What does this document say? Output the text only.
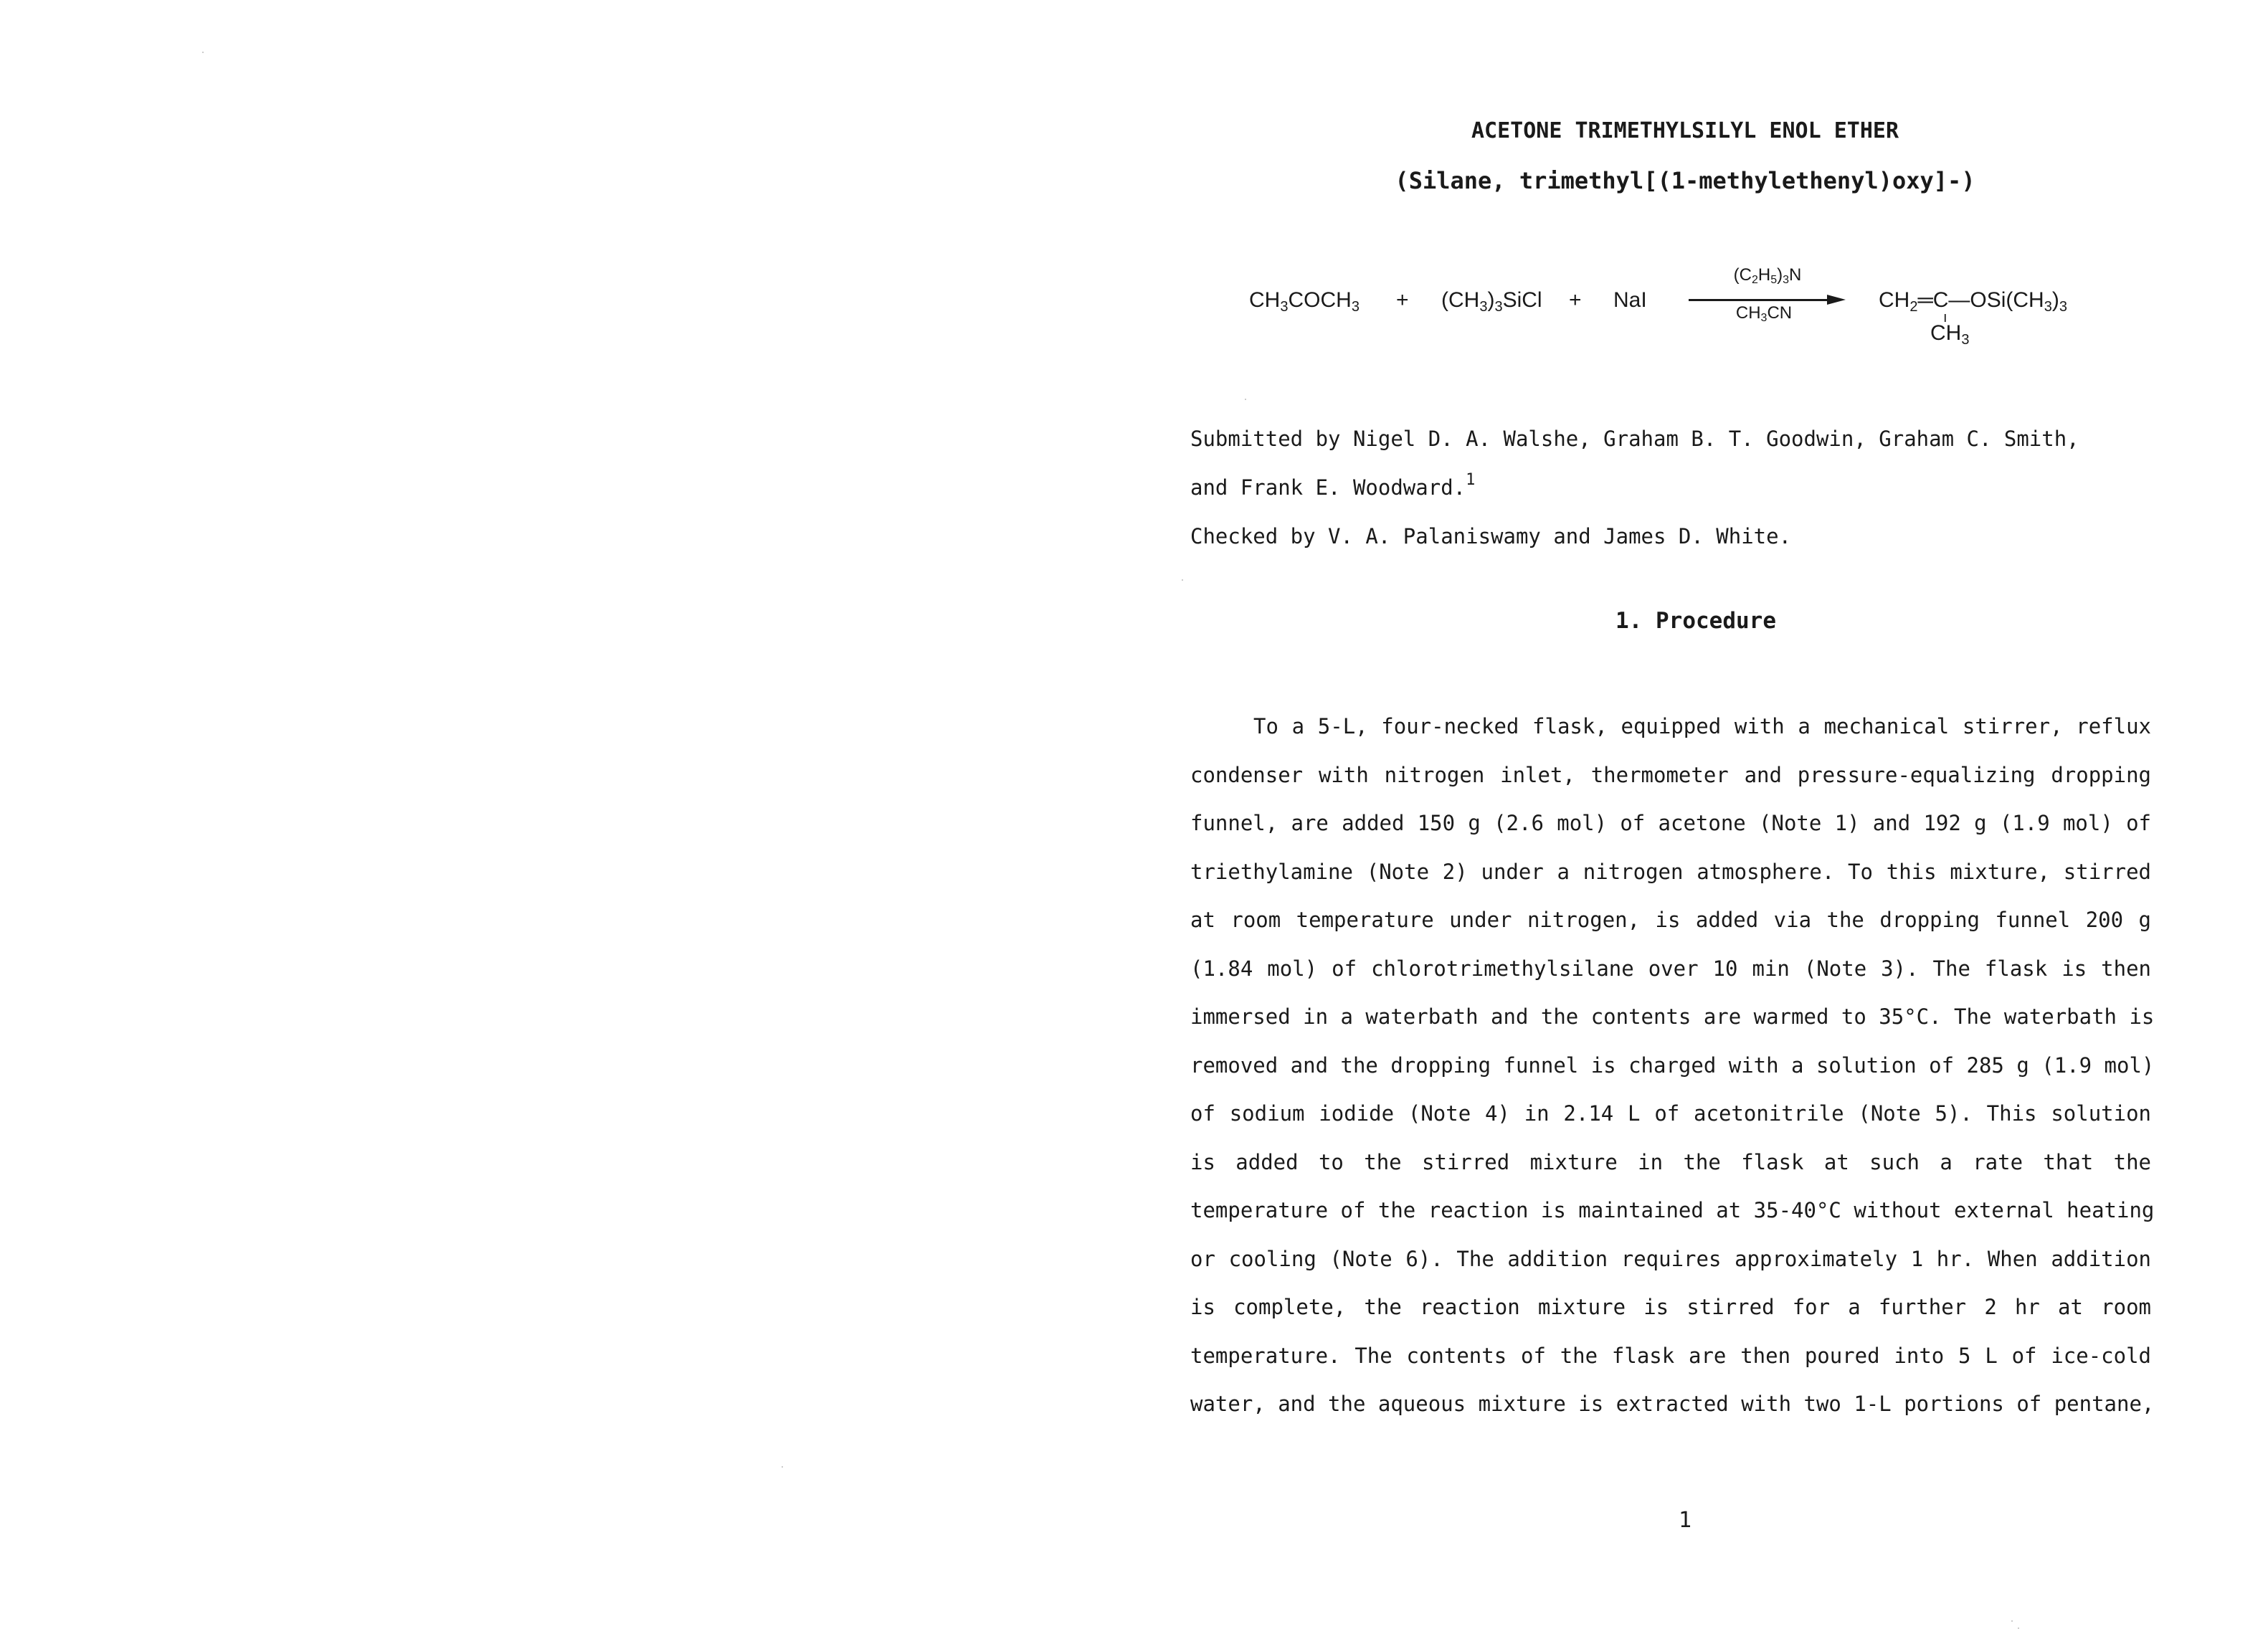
ACETONE TRIMETHYLSILYL ENOL ETHER
(Silane, trimethyl[(1-methylethenyl)oxy]-)
$CH_3COCH_3$ + $(CH_3)_3SiCl$ + NaI
$(C_2H_5)_3N$
$CH_3CN$
$CH_2═C—OSi(CH_3)_3$
ı
$CH_3$
Submitted by Nigel D. A. Walshe, Graham B. T. Goodwin, Graham C. Smith,
and Frank E. Woodward.$^1$
Checked by V. A. Palaniswamy and James D. White.
1. Procedure
To a 5-L, four-necked flask, equipped with a mechanical stirrer, reflux
condenser with nitrogen inlet, thermometer and pressure-equalizing dropping
funnel, are added 150 g (2.6 mol) of acetone (Note 1) and 192 g (1.9 mol) of
triethylamine (Note 2) under a nitrogen atmosphere. To this mixture, stirred
at room temperature under nitrogen, is added via the dropping funnel 200 g
(1.84 mol) of chlorotrimethylsilane over 10 min (Note 3). The flask is then
immersed in a waterbath and the contents are warmed to 35°C. The waterbath is
removed and the dropping funnel is charged with a solution of 285 g (1.9 mol)
of sodium iodide (Note 4) in 2.14 L of acetonitrile (Note 5). This solution
is added to the stirred mixture in the flask at such a rate that the
temperature of the reaction is maintained at 35-40°C without external heating
or cooling (Note 6). The addition requires approximately 1 hr. When addition
is complete, the reaction mixture is stirred for a further 2 hr at room
temperature. The contents of the flask are then poured into 5 L of ice-cold
water, and the aqueous mixture is extracted with two 1-L portions of pentane,
1
